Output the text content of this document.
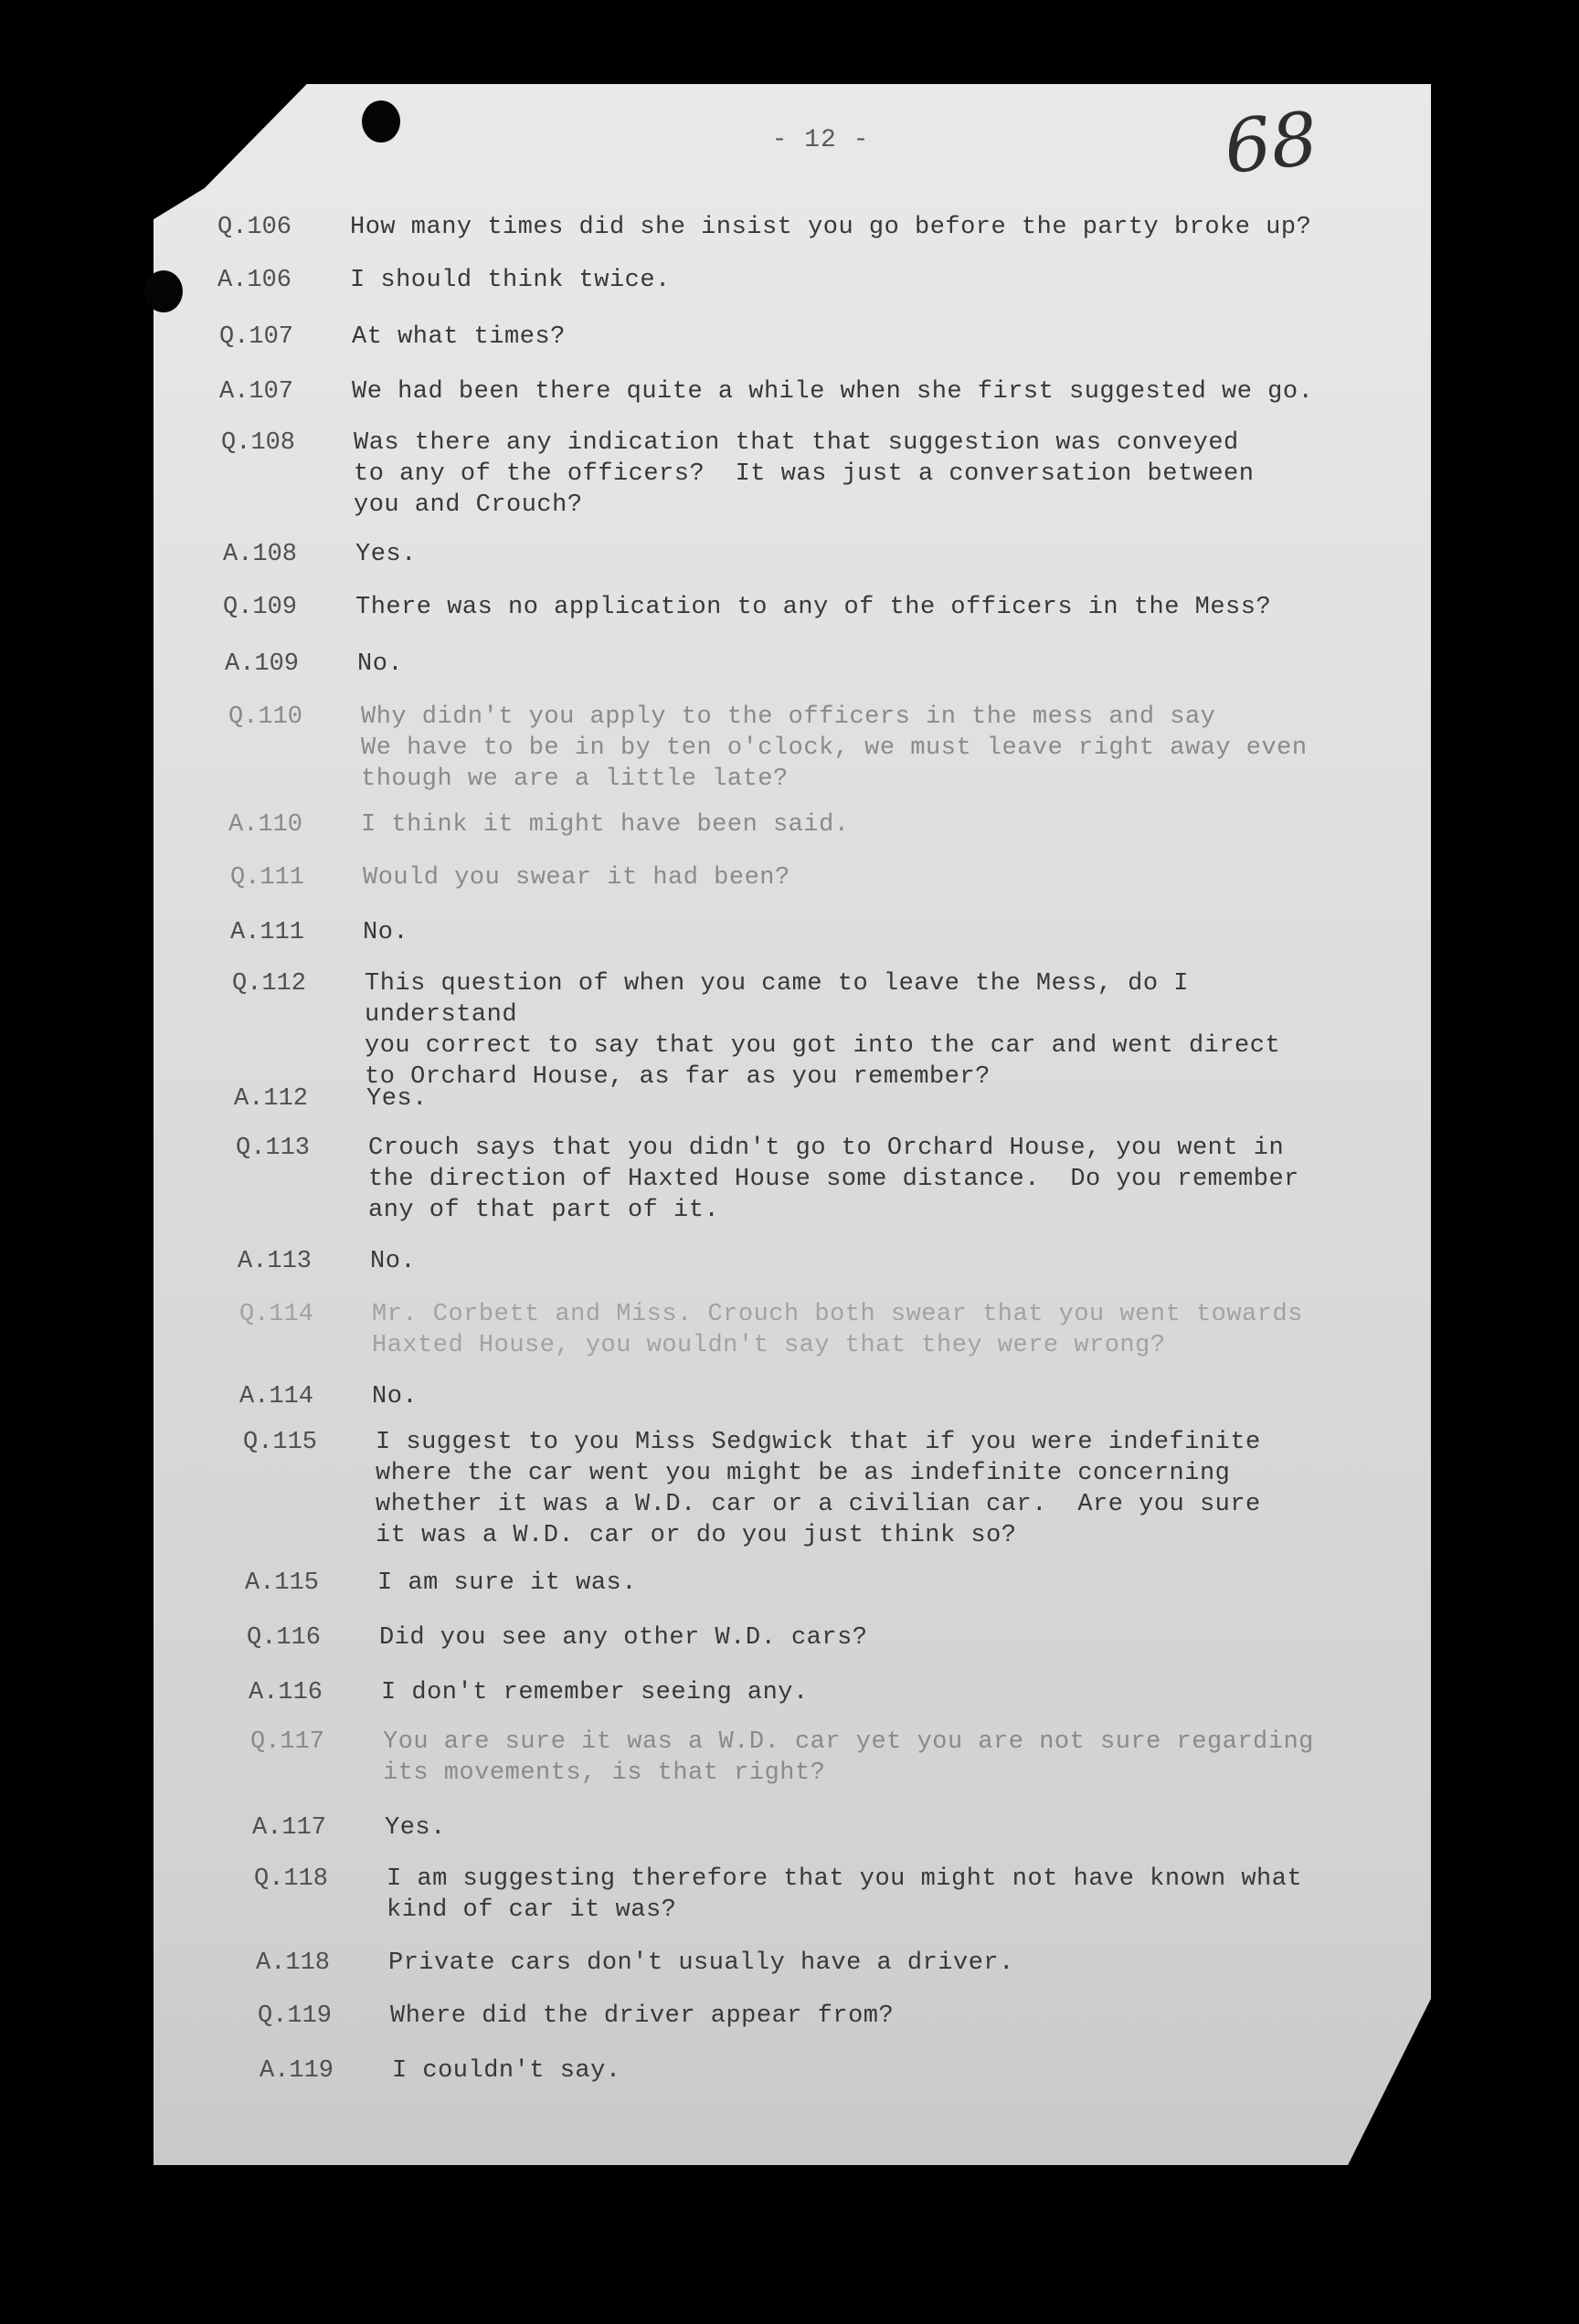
- 12 -	68
Q.106	How many times did she insist you go before the party broke up?
A.106	I should think twice.
Q.107	At what times?
A.107	We had been there quite a while when she first suggested we go.
Q.108	Was there any indication that that suggestion was conveyed
to any of the officers?  It was just a conversation between
you and Crouch?
A.108	Yes.
Q.109	There was no application to any of the officers in the Mess?
A.109	No.
Q.110	Why didn't you apply to the officers in the mess and say
We have to be in by ten o'clock, we must leave right away even
though we are a little late?
A.110	I think it might have been said.
Q.111	Would you swear it had been?
A.111	No.
Q.112	This question of when you came to leave the Mess, do I understand
you correct to say that you got into the car and went direct
to Orchard House, as far as you remember?
A.112	Yes.
Q.113	Crouch says that you didn't go to Orchard House, you went in
the direction of Haxted House some distance.  Do you remember
any of that part of it.
A.113	No.
Q.114	Mr. Corbett and Miss. Crouch both swear that you went towards
Haxted House, you wouldn't say that they were wrong?
A.114	No.
Q.115	I suggest to you Miss Sedgwick that if you were indefinite
where the car went you might be as indefinite concerning
whether it was a W.D. car or a civilian car.  Are you sure
it was a W.D. car or do you just think so?
A.115	I am sure it was.
Q.116	Did you see any other W.D. cars?
A.116	I don't remember seeing any.
Q.117	You are sure it was a W.D. car yet you are not sure regarding
its movements, is that right?
A.117	Yes.
Q.118	I am suggesting therefore that you might not have known what
kind of car it was?
A.118	Private cars don't usually have a driver.
Q.119	Where did the driver appear from?
A.119	I couldn't say.
